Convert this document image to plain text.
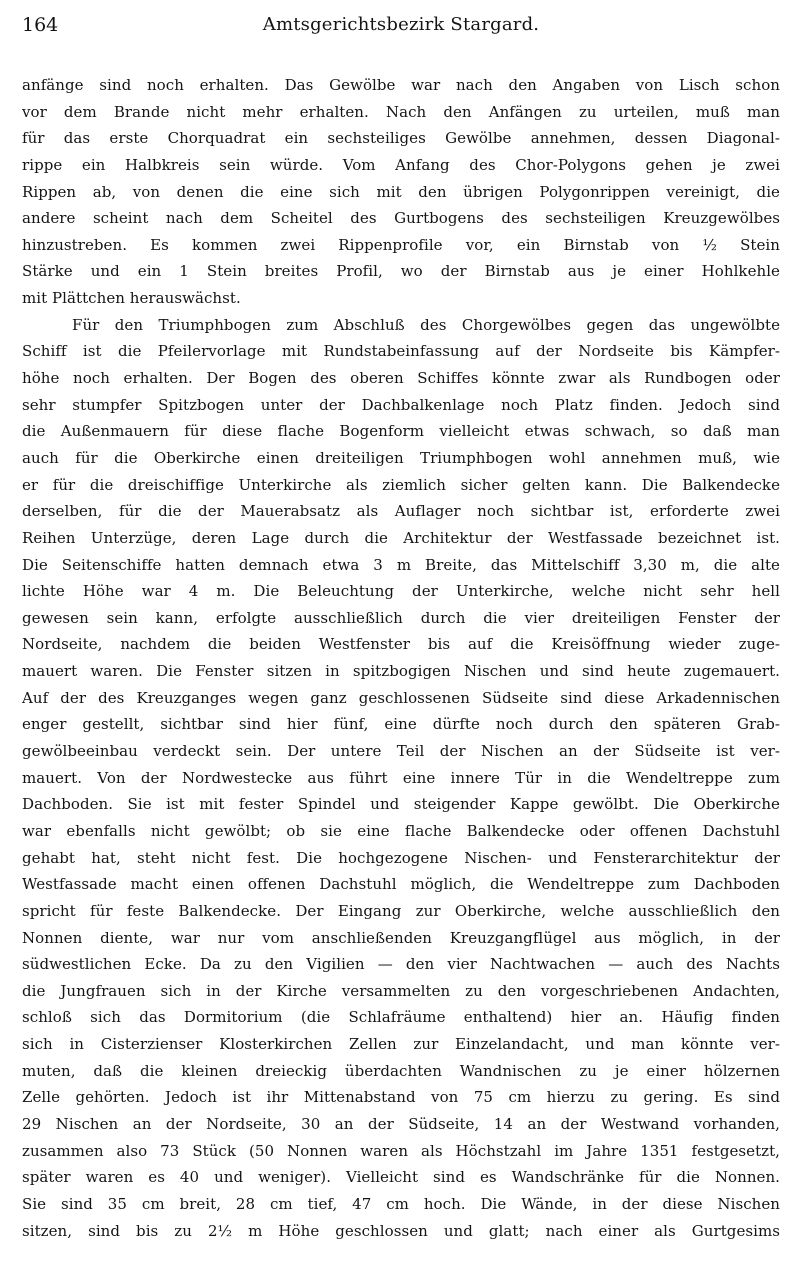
164	Amtsgerichtsbezirk Stargard.
anfänge sind noch erhalten. Das Gewölbe war nach den Angaben von Lisch schon
vor dem Brande nicht mehr erhalten. Nach den Anfängen zu urteilen, muß man
für das erste Chorquadrat ein sechsteiliges Gewölbe annehmen, dessen Diagonal-
rippe ein Halbkreis sein würde. Vom Anfang des Chor-Polygons gehen je zwei
Rippen ab, von denen die eine sich mit den übrigen Polygonrippen vereinigt, die
andere scheint nach dem Scheitel des Gurtbogens des sechsteiligen Kreuzgewölbes
hinzustreben. Es kommen zwei Rippenprofile vor, ein Birnstab von ½ Stein
Stärke und ein 1 Stein breites Profil, wo der Birnstab aus je einer Hohlkehle
mit Plättchen herauswächst.
Für den Triumphbogen zum Abschluß des Chorgewölbes gegen das ungewölbte
Schiff ist die Pfeilervorlage mit Rundstabeinfassung auf der Nordseite bis Kämpfer-
höhe noch erhalten. Der Bogen des oberen Schiffes könnte zwar als Rundbogen oder
sehr stumpfer Spitzbogen unter der Dachbalkenlage noch Platz finden. Jedoch sind
die Außenmauern für diese flache Bogenform vielleicht etwas schwach, so daß man
auch für die Oberkirche einen dreiteiligen Triumphbogen wohl annehmen muß, wie
er für die dreischiffige Unterkirche als ziemlich sicher gelten kann. Die Balkendecke
derselben, für die der Mauerabsatz als Auflager noch sichtbar ist, erforderte zwei
Reihen Unterzüge, deren Lage durch die Architektur der Westfassade bezeichnet ist.
Die Seitenschiffe hatten demnach etwa 3 m Breite, das Mittelschiff 3,30 m, die alte
lichte Höhe war 4 m. Die Beleuchtung der Unterkirche, welche nicht sehr hell
gewesen sein kann, erfolgte ausschließlich durch die vier dreiteiligen Fenster der
Nordseite, nachdem die beiden Westfenster bis auf die Kreisöffnung wieder zuge-
mauert waren. Die Fenster sitzen in spitzbogigen Nischen und sind heute zugemauert.
Auf der des Kreuzganges wegen ganz geschlossenen Südseite sind diese Arkadennischen
enger gestellt, sichtbar sind hier fünf, eine dürfte noch durch den späteren Grab-
gewölbeeinbau verdeckt sein. Der untere Teil der Nischen an der Südseite ist ver-
mauert. Von der Nordwestecke aus führt eine innere Tür in die Wendeltreppe zum
Dachboden. Sie ist mit fester Spindel und steigender Kappe gewölbt. Die Oberkirche
war ebenfalls nicht gewölbt; ob sie eine flache Balkendecke oder offenen Dachstuhl
gehabt hat, steht nicht fest. Die hochgezogene Nischen- und Fensterarchitektur der
Westfassade macht einen offenen Dachstuhl möglich, die Wendeltreppe zum Dachboden
spricht für feste Balkendecke. Der Eingang zur Oberkirche, welche ausschließlich den
Nonnen diente, war nur vom anschließenden Kreuzgangflügel aus möglich, in der
südwestlichen Ecke. Da zu den Vigilien — den vier Nachtwachen — auch des Nachts
die Jungfrauen sich in der Kirche versammelten zu den vorgeschriebenen Andachten,
schloß sich das Dormitorium (die Schlafräume enthaltend) hier an. Häufig finden
sich in Cisterzienser Klosterkirchen Zellen zur Einzelandacht, und man könnte ver-
muten, daß die kleinen dreieckig überdachten Wandnischen zu je einer hölzernen
Zelle gehörten. Jedoch ist ihr Mittenabstand von 75 cm hierzu zu gering. Es sind
29 Nischen an der Nordseite, 30 an der Südseite, 14 an der Westwand vorhanden,
zusammen also 73 Stück (50 Nonnen waren als Höchstzahl im Jahre 1351 festgesetzt,
später waren es 40 und weniger). Vielleicht sind es Wandschränke für die Nonnen.
Sie sind 35 cm breit, 28 cm tief, 47 cm hoch. Die Wände, in der diese Nischen
sitzen, sind bis zu 2½ m Höhe geschlossen und glatt; nach einer als Gurtgesims
